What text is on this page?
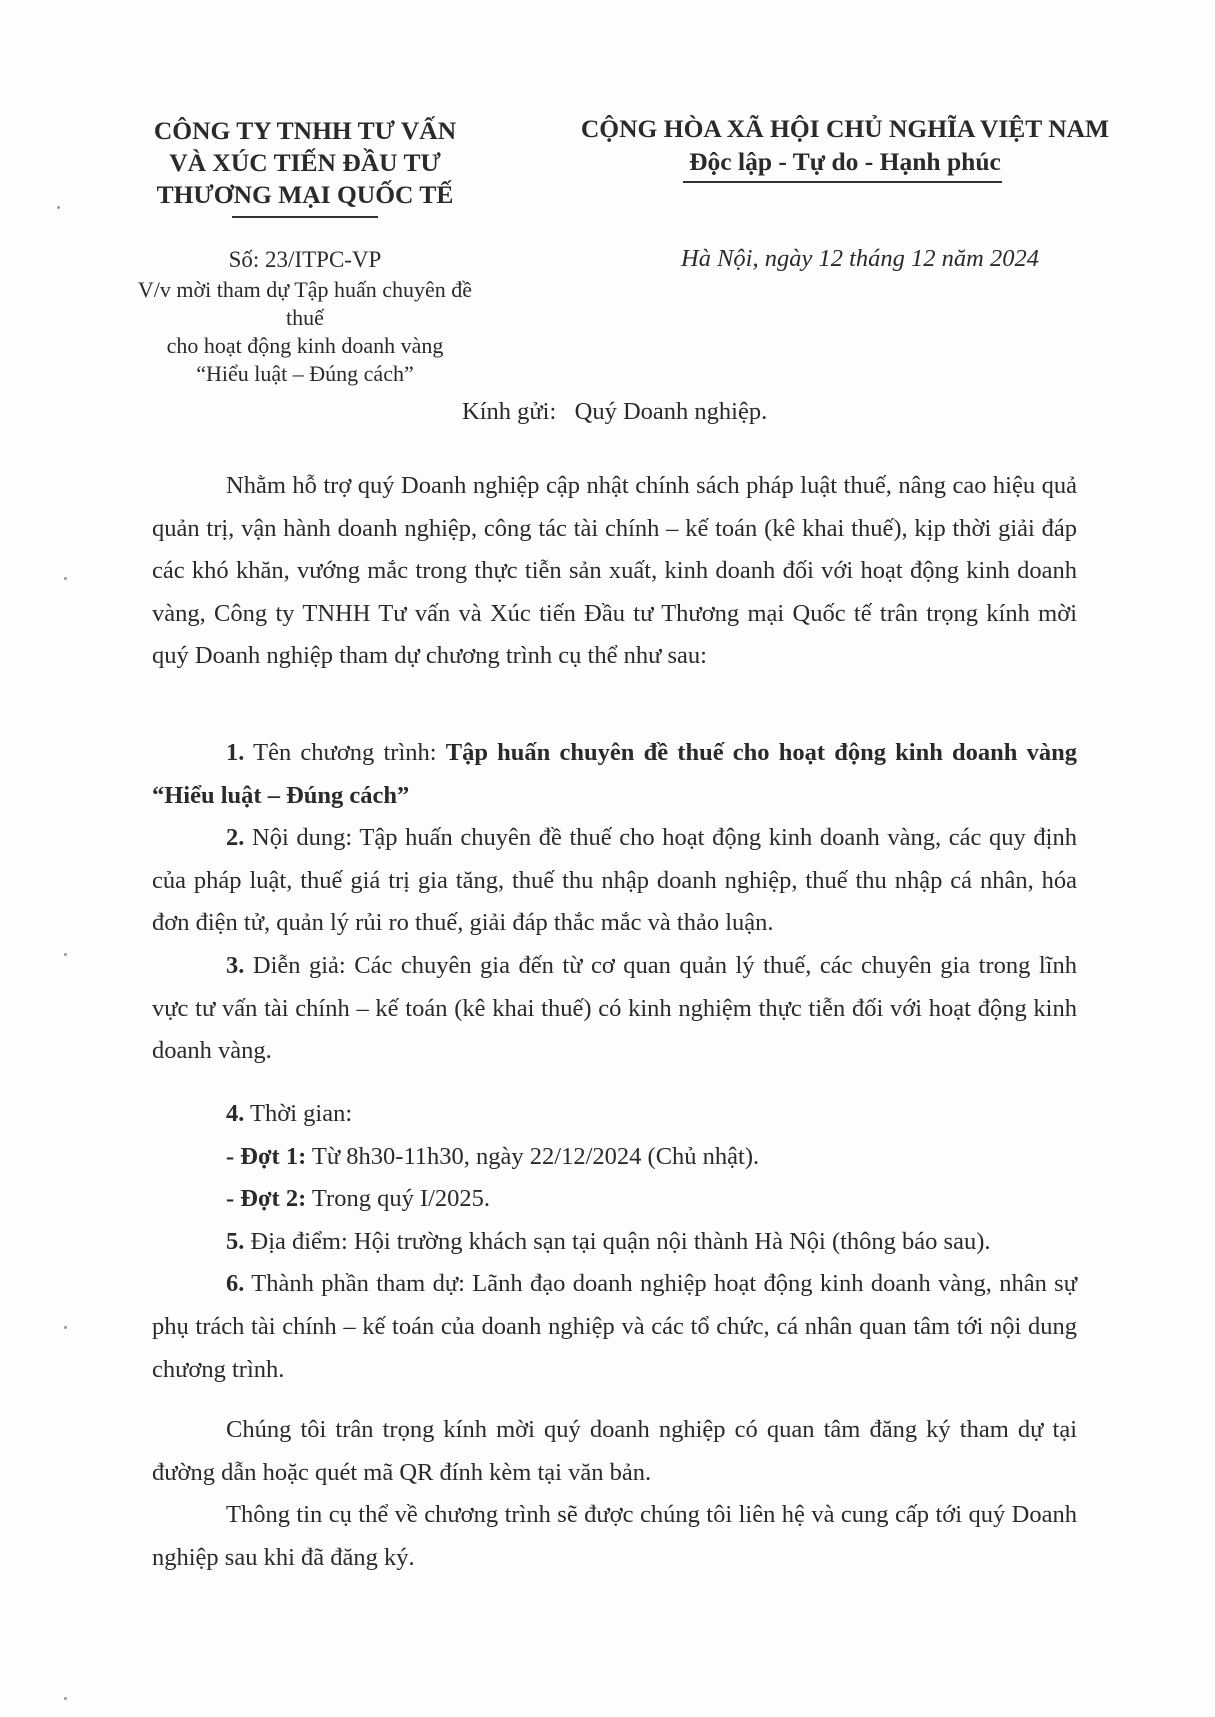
CÔNG TY TNHH TƯ VẤN
VÀ XÚC TIẾN ĐẦU TƯ
THƯƠNG MẠI QUỐC TẾ
CỘNG HÒA XÃ HỘI CHỦ NGHĨA VIỆT NAM
Độc lập - Tự do - Hạnh phúc
Số: 23/ITPC-VP
V/v mời tham dự Tập huấn chuyên đề thuế
cho hoạt động kinh doanh vàng
“Hiểu luật – Đúng cách”
Hà Nội, ngày 12 tháng 12 năm 2024
Kính gửi: Quý Doanh nghiệp.

Nhằm hỗ trợ quý Doanh nghiệp cập nhật chính sách pháp luật thuế, nâng cao hiệu quả quản trị, vận hành doanh nghiệp, công tác tài chính – kế toán (kê khai thuế), kịp thời giải đáp các khó khăn, vướng mắc trong thực tiễn sản xuất, kinh doanh đối với hoạt động kinh doanh vàng, Công ty TNHH Tư vấn và Xúc tiến Đầu tư Thương mại Quốc tế trân trọng kính mời quý Doanh nghiệp tham dự chương trình cụ thể như sau:

1. Tên chương trình: Tập huấn chuyên đề thuế cho hoạt động kinh doanh vàng “Hiểu luật – Đúng cách”

2. Nội dung: Tập huấn chuyên đề thuế cho hoạt động kinh doanh vàng, các quy định của pháp luật, thuế giá trị gia tăng, thuế thu nhập doanh nghiệp, thuế thu nhập cá nhân, hóa đơn điện tử, quản lý rủi ro thuế, giải đáp thắc mắc và thảo luận.

3. Diễn giả: Các chuyên gia đến từ cơ quan quản lý thuế, các chuyên gia trong lĩnh vực tư vấn tài chính – kế toán (kê khai thuế) có kinh nghiệm thực tiễn đối với hoạt động kinh doanh vàng.

4. Thời gian:

- Đợt 1: Từ 8h30-11h30, ngày 22/12/2024 (Chủ nhật).

- Đợt 2: Trong quý I/2025.

5. Địa điểm: Hội trường khách sạn tại quận nội thành Hà Nội (thông báo sau).

6. Thành phần tham dự: Lãnh đạo doanh nghiệp hoạt động kinh doanh vàng, nhân sự phụ trách tài chính – kế toán của doanh nghiệp và các tổ chức, cá nhân quan tâm tới nội dung chương trình.

Chúng tôi trân trọng kính mời quý doanh nghiệp có quan tâm đăng ký tham dự tại đường dẫn hoặc quét mã QR đính kèm tại văn bản.

Thông tin cụ thể về chương trình sẽ được chúng tôi liên hệ và cung cấp tới quý Doanh nghiệp sau khi đã đăng ký.
